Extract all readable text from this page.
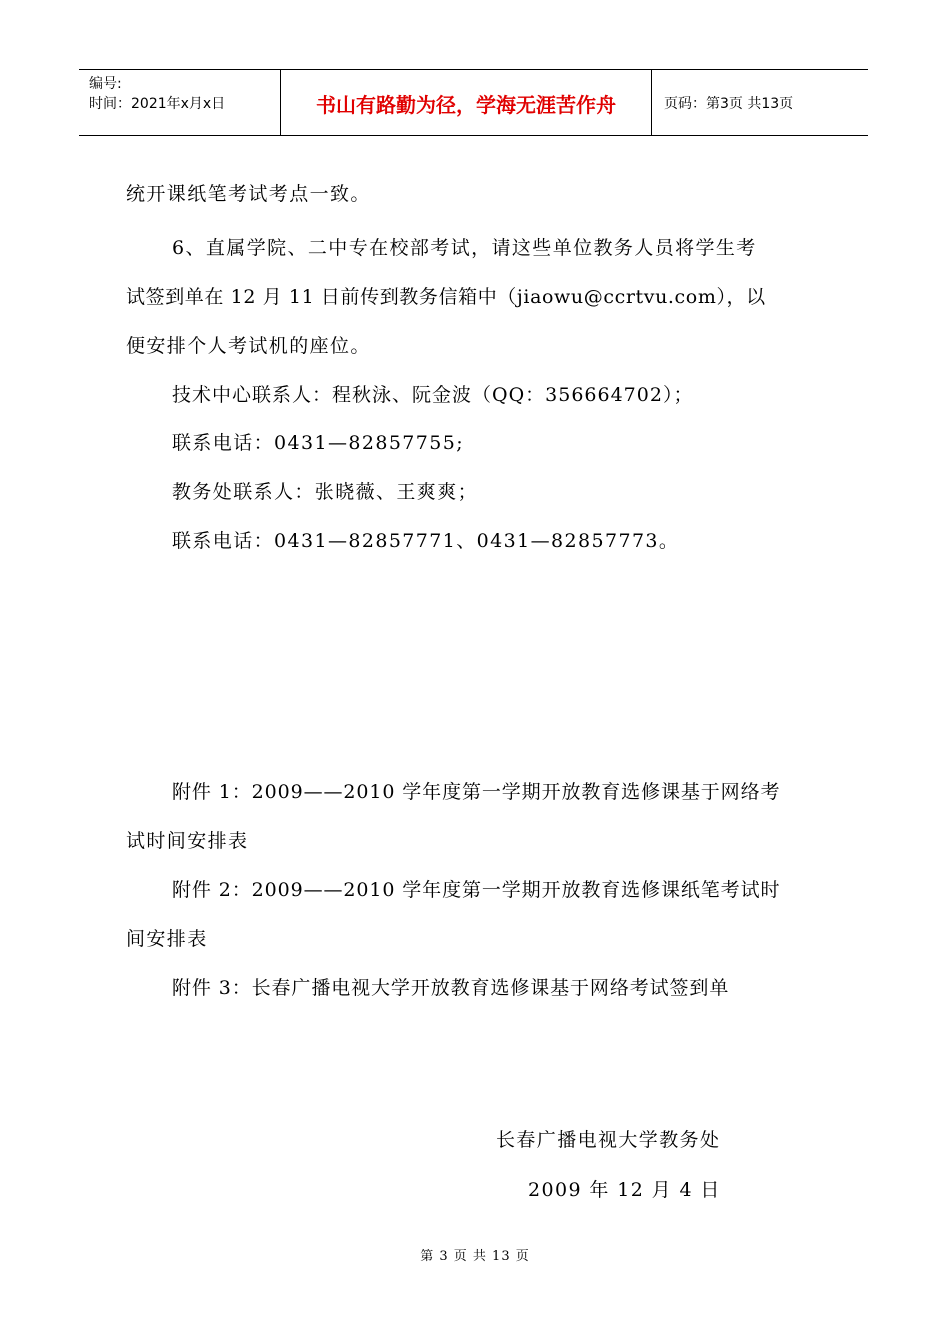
编号:
时间：2021年x月x日	书山有路勤为径，学海无涯苦作舟	页码：第3页 共13页
统开课纸笔考试考点一致。
6、直属学院、二中专在校部考试，请这些单位教务人员将学生考
试签到单在 12 月 11 日前传到教务信箱中（jiaowu@ccrtvu.com），以
便安排个人考试机的座位。
技术中心联系人：程秋泳、阮金波（QQ：356664702）；
联系电话：0431—82857755;
教务处联系人：张晓薇、王爽爽；
联系电话：0431—82857771、0431—82857773。
附件 1：2009——2010 学年度第一学期开放教育选修课基于网络考
试时间安排表
附件 2：2009——2010 学年度第一学期开放教育选修课纸笔考试时
间安排表
附件 3：长春广播电视大学开放教育选修课基于网络考试签到单
长春广播电视大学教务处
2009 年 12 月 4 日
第 3 页 共 13 页
